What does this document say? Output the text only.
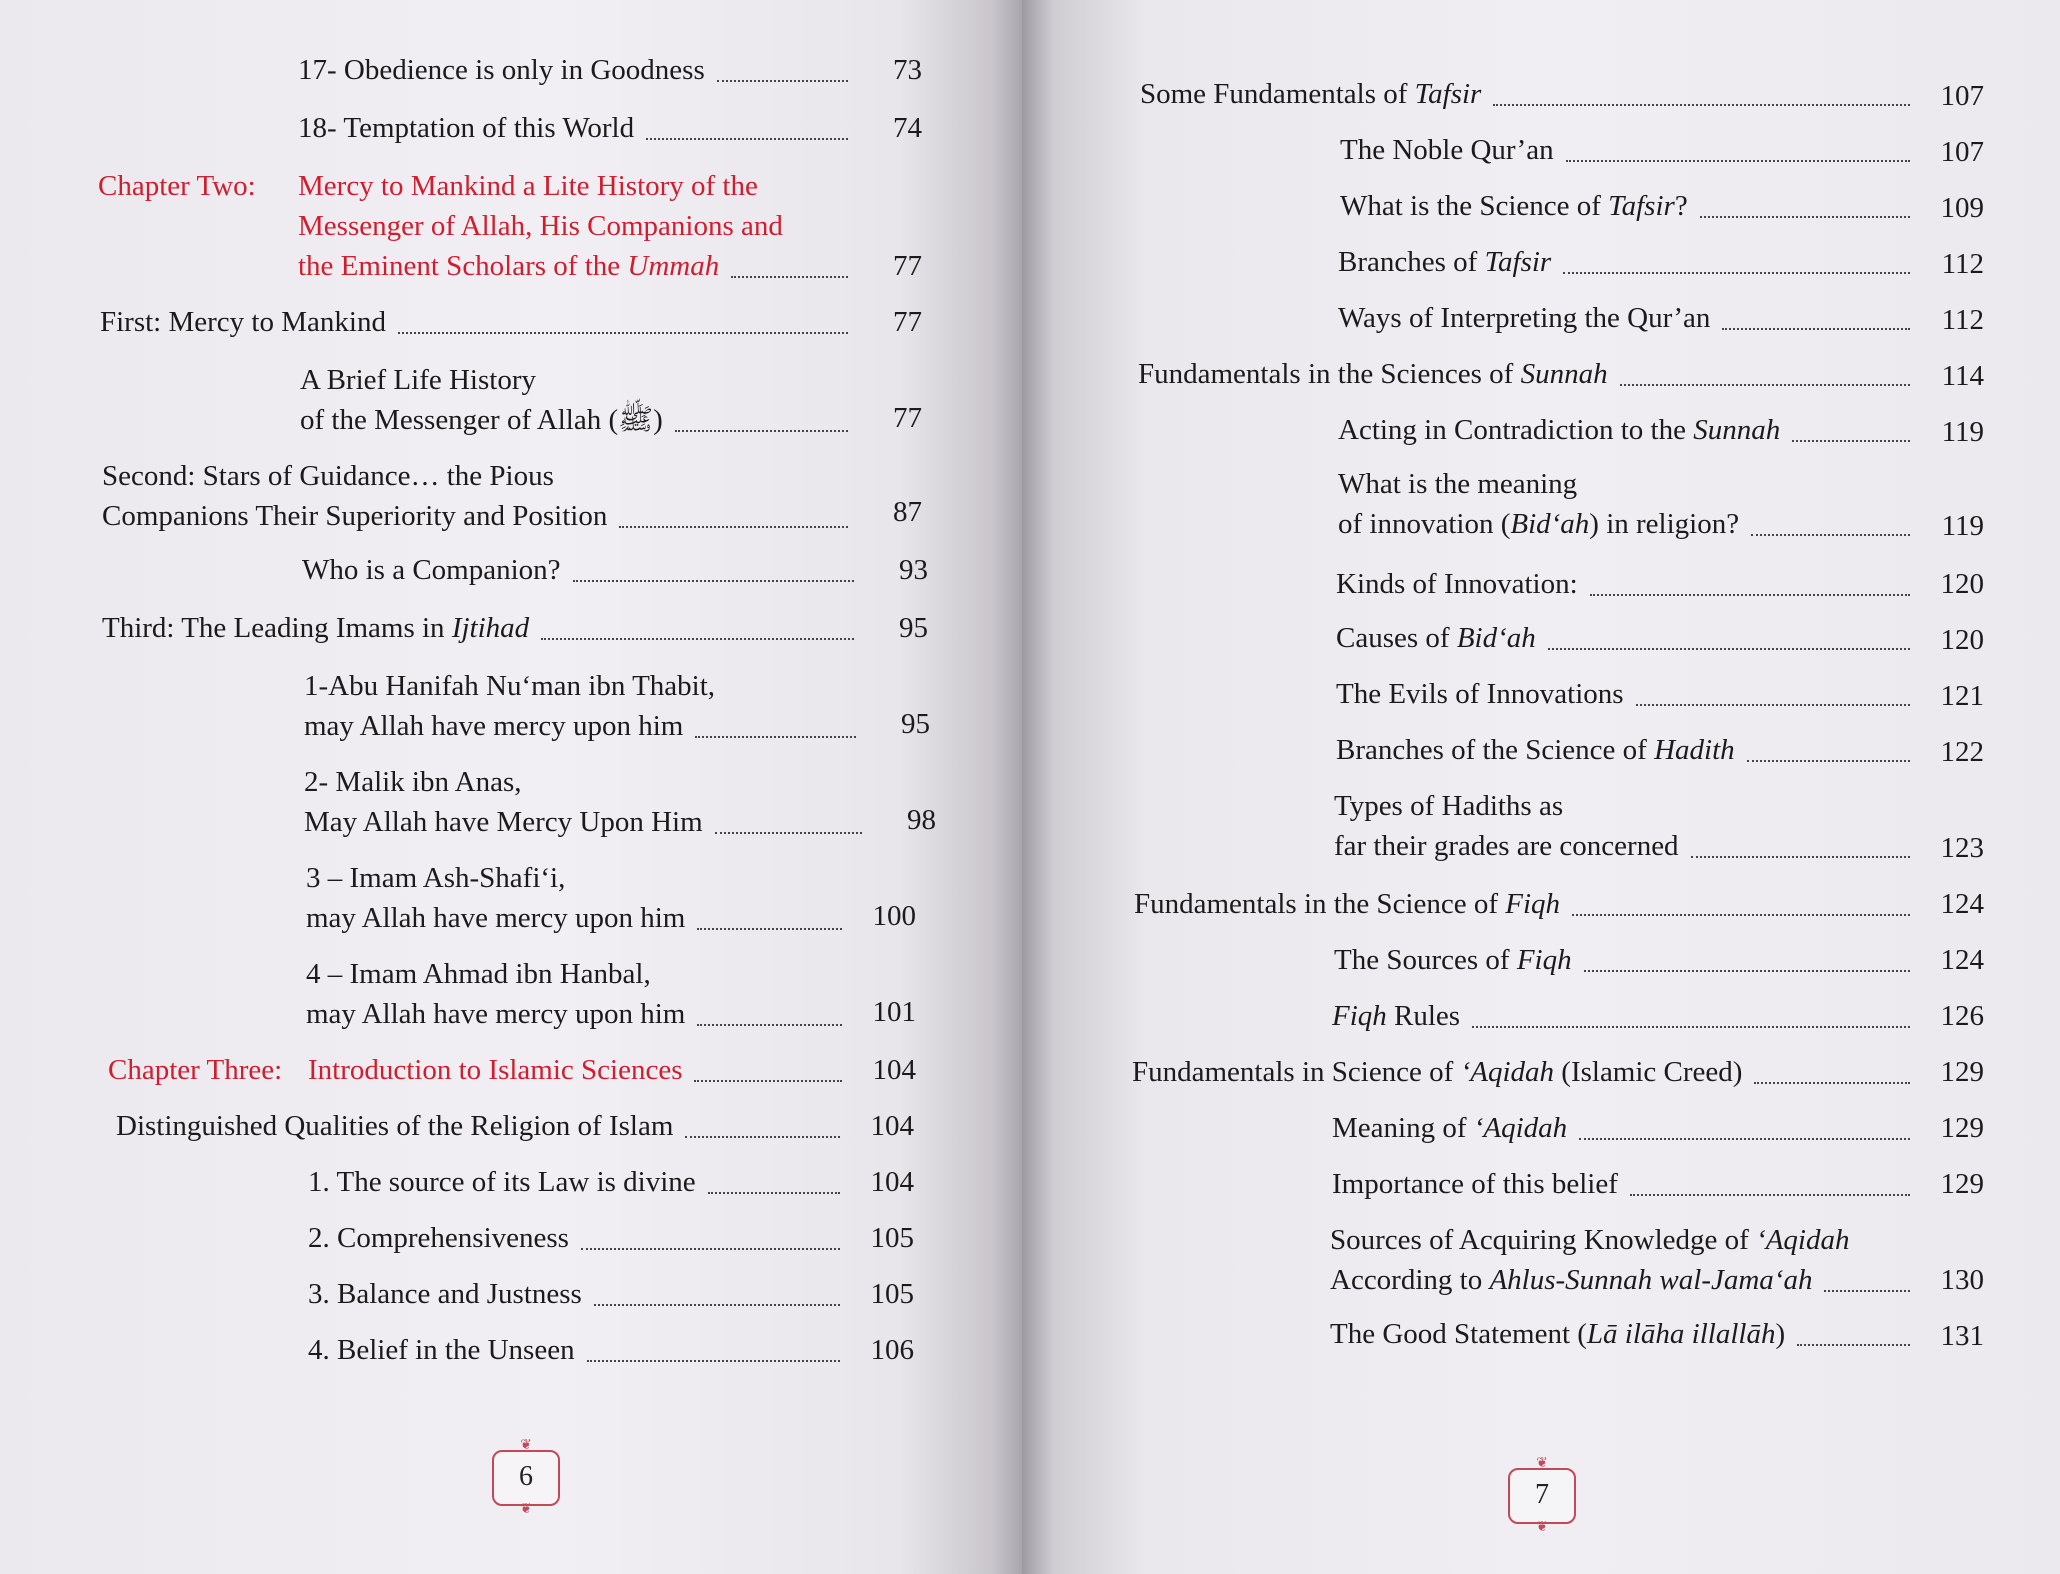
17- Obedience is only in Goodness	73
18- Temptation of this World	74
Chapter Two: Mercy to Mankind a Lite History of the
Messenger of Allah, His Companions and
the Eminent Scholars of the Ummah	77
First: Mercy to Mankind	77
A Brief Life History
of the Messenger of Allah (ﷺ)	77
Second: Stars of Guidance… the Pious
Companions Their Superiority and Position	87
Who is a Companion?	93
Third: The Leading Imams in Ijtihad	95
1-Abu Hanifah Nu‘man ibn Thabit,
may Allah have mercy upon him	95
2- Malik ibn Anas,
May Allah have Mercy Upon Him	98
3 – Imam Ash-Shafi‘i,
may Allah have mercy upon him	100
4 – Imam Ahmad ibn Hanbal,
may Allah have mercy upon him	101
Chapter Three: Introduction to Islamic Sciences	104
Distinguished Qualities of the Religion of Islam	104
1. The source of its Law is divine	104
2. Comprehensiveness	105
3. Balance and Justness	105
4. Belief in the Unseen	106
❦
6
❦
Some Fundamentals of Tafsir	107
The Noble Qur’an	107
What is the Science of Tafsir?	109
Branches of Tafsir	112
Ways of Interpreting the Qur’an	112
Fundamentals in the Sciences of Sunnah	114
Acting in Contradiction to the Sunnah	119
What is the meaning
of innovation (Bid‘ah) in religion?	119
Kinds of Innovation:	120
Causes of Bid‘ah	120
The Evils of Innovations	121
Branches of the Science of Hadith	122
Types of Hadiths as
far their grades are concerned	123
Fundamentals in the Science of Fiqh	124
The Sources of Fiqh	124
Fiqh Rules	126
Fundamentals in Science of ‘Aqidah (Islamic Creed)	129
Meaning of ‘Aqidah	129
Importance of this belief	129
Sources of Acquiring Knowledge of ‘Aqidah
According to Ahlus-Sunnah wal-Jama‘ah	130
The Good Statement (Lā ilāha illallāh)	131
❦
7
❦
